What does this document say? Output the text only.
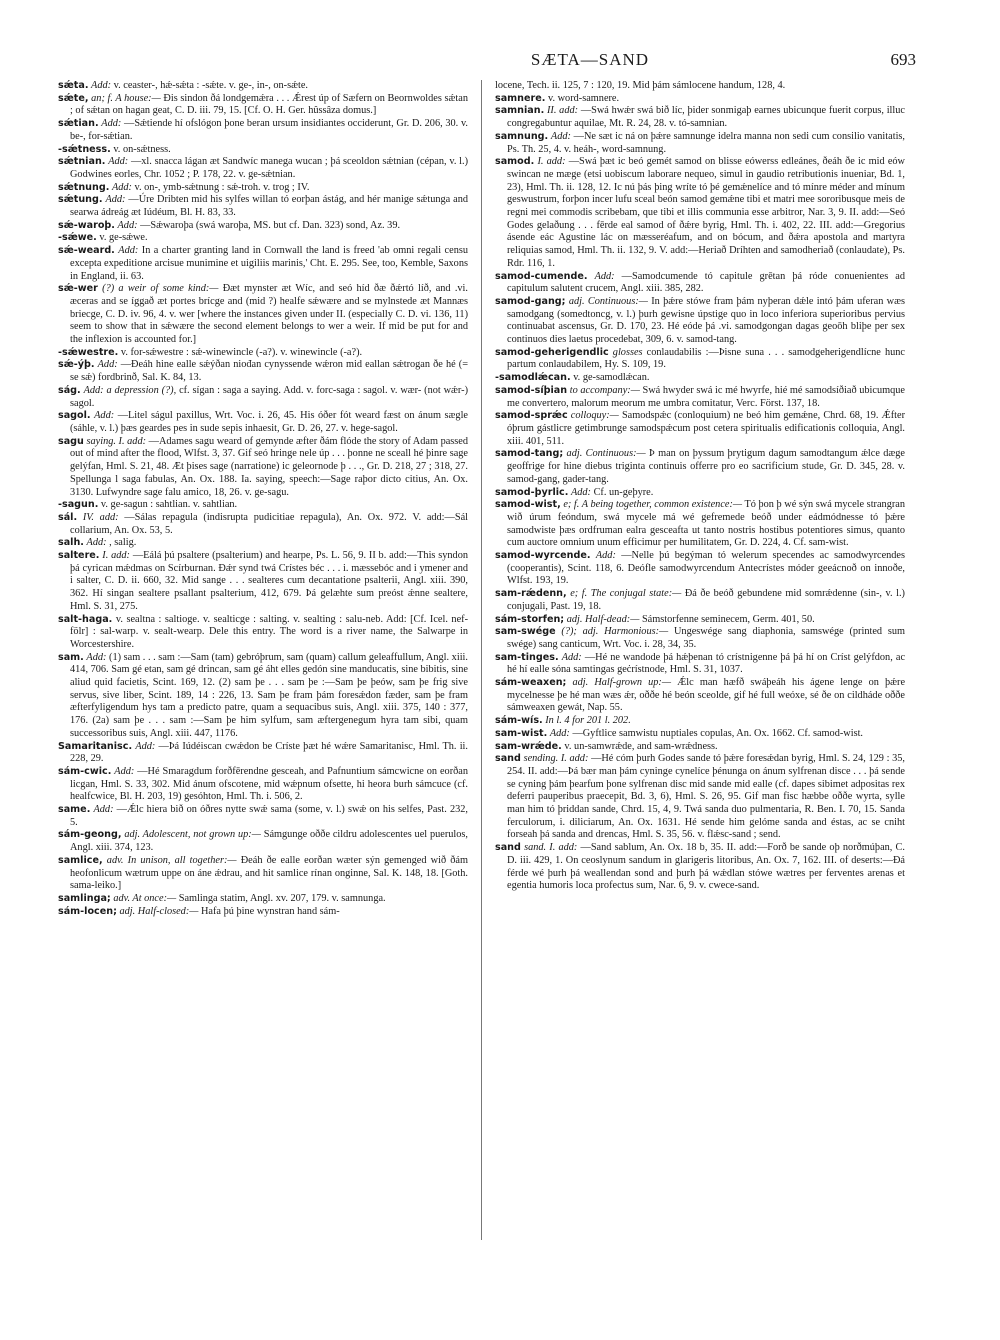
SÆTA—SAND	693

sǽta. Add: v. ceaster-, hǽ-sǽta : -sǽte. v. ge-, in-, on-sǽte.

sǽte, an; f. A house:— Ðis sindon ðá londgemǽra . . . Ǽrest úp of Sæfern on Beornwoldes sǽtan ; of sǽtan on hagan geat, C. D. iii. 79, 15. [Cf. O. H. Ger. hûssâza domus.]

sǽtian. Add: —Sǽtiende hí ofslógon þone beran ursum insidiantes occiderunt, Gr. D. 206, 30. v. be-, for-sǽtian.

-sǽtness. v. on-sǽtness.

sǽtnian. Add: —xl. snacca lágan æt Sandwíc manega wucan ; þá sceoldon sǽtnian (cépan, v. l.) Godwines eorles, Chr. 1052 ; P. 178, 22. v. ge-sǽtnian.

sǽtnung. Add: v. on-, ymb-sǽtnung : sǽ-troh. v. trog ; IV.

sǽtung. Add: —Úre Dribten mid his sylfes willan tó eorþan ástág, and hér manige sǽtunga and searwa ádreág æt Iúdéum, Bl. H. 83, 33.

sǽ-waroþ. Add: —Sǽwaroþa (swá waroþa, MS. but cf. Dan. 323) sond, Az. 39.

-sǽwe. v. ge-sǽwe.

sǽ-weard. Add: In a charter granting land in Cornwall the land is freed 'ab omni regali censu excepta expeditione arcisue munimine et uigiliis marinis,' Cht. E. 295. See, too, Kemble, Saxons in England, ii. 63.

sǽ-wer (?) a weir of some kind:— Ðæt mynster æt Wíc, and seó híd ðæ ðǽrtó líð, and .vi. æceras and se íggað æt portes brícge and (mid ?) healfe sǽwære and se mylnstede æt Mannæs briecge, C. D. iv. 96, 4. v. wer [where the instances given under II. (especially C. D. vi. 136, 11) seem to show that in sǽwære the second element belongs to wer a weir. If mid be put for and the inflexion is accounted for.]

-sǽwestre. v. for-sǽwestre : sǽ-winewincle (-a?). v. winewincle (-a?).

sǽ-ýþ. Add: —Ðeáh hine ealle sǽýðan niođan cynyssende wǽron mid eallan sǽtrogan ðe hé (= se sǽ) fordbrinð, Sal. K. 84, 13.

ság. Add: a depression (?), cf. sígan : saga a saying. Add. v. forc-saga : sagol. v. wær- (not wǽr-) sagol.

sagol. Add: —Litel ságul paxillus, Wrt. Voc. i. 26, 45. His óðer fót weard fæst on ánum sægle (sáhle, v. l.) þæs geardes pes in sude sepis inhaesit, Gr. D. 26, 27. v. hege-sagol.

sagu saying. I. add: —Adames sagu weard of gemynde æfter ðám flóde the story of Adam passed out of mind after the flood, Wlfst. 3, 37. Gif seó hringe nele úp . . . þonne ne sceall hé þinre sage gelýfan, Hml. S. 21, 48. Æt þises sage (narratione) ic geleornode þ . . ., Gr. D. 218, 27 ; 318, 27. Spellunga l saga fabulas, An. Ox. 188. Ia. saying, speech:—Sage raþor dicto citius, An. Ox. 3130. Lufwyndre sage falu amico, 18, 26. v. ge-sagu.

-sagun. v. ge-sagun : sahtlian. v. sahtlian.

sál. IV. add: —Sálas repagula (indisrupta pudicitiae repagula), An. Ox. 972. V. add:—Sál collarium, An. Ox. 53, 5.

salh. Add: , salig.

saltere. I. add: —Eálá þú psaltere (psalterium) and hearpe, Ps. L. 56, 9. II b. add:—This syndon þá cyrican mǽdmas on Scírburnan. Ðǽr synd twá Crístes béc . . . i. mæssebóc and i ymener and i salter, C. D. ii. 660, 32. Mid sange . . . sealteres cum decantatione psalterii, Angl. xiii. 390, 362. Hí singan sealtere psallant psalterium, 412, 679. Þá gelæhte sum preóst ǽnne sealtere, Hml. S. 31, 275.

salt-haga. v. sealtna : saltioge. v. sealticge : salting. v. sealting : salu-neb. Add: [Cf. Icel. nef-fölr] : sal-warp. v. sealt-wearp. Dele this entry. The word is a river name, the Salwarpe in Worcestershire.

sam. Add: (1) sam . . . sam :—Sam (tam) gebróþrum, sam (quam) callum geleaffullum, Angl. xiii. 414, 706. Sam gé etan, sam gé drincan, sam gé áht elles gedón sine manducatis, sine bibitis, sine aliud quid facietis, Scint. 169, 12. (2) sam þe . . . sam þe :—Sam þe þeów, sam þe frig sive servus, sive liber, Scint. 189, 14 : 226, 13. Sam þe fram þám foresǽdon fæder, sam þe fram æfterfyligendum hys tam a predicto patre, quam a sequacibus suis, Angl. xiii. 375, 140 : 377, 176. (2a) sam þe . . . sam :—Sam þe him sylfum, sam æftergenegum hyra tam sibi, quam successoribus suis, Angl. xiii. 447, 1176.

Samaritanisc. Add: —Þá Iúdéiscan cwǽdon be Críste þæt hé wǽre Samaritanisc, Hml. Th. ii. 228, 29.

sám-cwic. Add: —Hé Smaragdum forðfērendne gesceah, and Pafnuntium sámcwicne on eorðan licgan, Hml. S. 33, 302. Mid ánum ofscotene, mid wǽpnum ofsette, hi heora burh sámcuce (cf. healfcwice, Bl. H. 203, 19) gesóhton, Hml. Th. i. 506, 2.

same. Add: —Ǽlc hiera bið on óðres nytte swǽ sama (some, v. l.) swǽ on his selfes, Past. 232, 5.

sám-geong, adj. Adolescent, not grown up:— Sámgunge oððe cildru adolescentes uel puerulos, Angl. xiii. 374, 123.

samlice, adv. In unison, all together:— Ðeáh ðe ealle eorðan wæter sýn gemenged wið ðám heofonlicum wætrum uppe on áne ǽdrau, and hit samlice rínan onginne, Sal. K. 148, 18. [Goth. sama-leiko.]

samlinga; adv. At once:— Samlinga statim, Angl. xv. 207, 179. v. samnunga.

sám-locen; adj. Half-closed:— Hafa þú þine wynstran hand sám-

locene, Tech. ii. 125, 7 : 120, 19. Mid þám sámlocene handum, 128, 4.

samnere. v. word-samnere.

samnian. II. add: —Swá hwǽr swá bið líc, þider sonmigaþ earnes ubicunque fuerit corpus, illuc congregabuntur aquilae, Mt. R. 24, 28. v. tó-samnian.

samnung. Add: —Ne sæt ic ná on þǽre samnunge idelra manna non sedi cum consilio vanitatis, Ps. Th. 25, 4. v. heáh-, word-samnung.

samod. I. add: —Swá þæt ic beó gemét samod on blisse eówerss edleánes, ðeáh ðe ic mid eów swincan ne mæge (etsi uobiscum laborare nequeo, simul in gaudio retributionis inueniar, Bd. 1, 23), Hml. Th. ii. 128, 12. Ic nú þás þing wríte tó þé gemǽnelíce and tó mínre méder and mínum geswustrum, forþon incer lufu sceal beón samod gemǽne tibi et matri mee sororibusque meis de regni mei commodis scribebam, que tibi et illis communia esse arbitror, Nar. 3, 9. II. add:—Seó Godes gelaðung . . . fērde eal samod of ðǽre byrig, Hml. Th. i. 402, 22. III. add:—Gregorius ásende eác Agustine lác on mæsseréafum, and on bócum, and ðǽra apostola and martyra reliquias samod, Hml. Th. ii. 132, 9. V. add:—Heriað Dríhten and samodheriað (conlaudate), Ps. Rdr. 116, 1.

samod-cumende. Add: —Samodcumende tó capitule grētan þá róde conuenientes ad capitulum salutent crucem, Angl. xiii. 385, 282.

samod-gang; adj. Continuous:— In þǽre stówe fram þám nyþeran dǽle intó þám uferan wæs samodgang (somedtoncg, v. l.) þurh gewisne úpstige quo in loco inferiora superioribus pervius continuabat ascensus, Gr. D. 170, 23. Hé eóde þá .vi. samodgongan dagas geoōh bliþe per sex continuos dies laetus procedebat, 309, 6. v. samod-tang.

samod-geherigendlic glosses conlaudabilis :—Þisne suna . . . samodgeherigendlícne hunc partum conlaudabilem, Hy. S. 109, 19.

-samodlǽcan. v. ge-samodlǽcan.

samod-síþian to accompany:— Swá hwyder swá ic mé hwyrfe, hié mé samodsíðiað ubicumque me convertero, malorum meorum me umbra comitatur, Verc. Först. 137, 18.

samod-sprǽc colloquy:— Samodspǽc (conloquium) ne beó him gemǽne, Chrd. 68, 19. Ǽfter óþrum gástlicre getimbrunge samodspǽcum post cetera spiritualis edificationis colloquia, Angl. xiii. 401, 511.

samod-tang; adj. Continuous:— Þ man on þyssum þrytigum dagum samodtangum ǽlce dæge geoffrige for hine diebus triginta continuis offerre pro eo sacrificium stude, Gr. D. 345, 28. v. samod-gang, gader-tang.

samod-þyrlic. Add: Cf. un-geþyre.

samod-wist, e; f. A being together, common existence:— Tó þon þ wé sýn swá mycele strangran wið úrum feóndum, swá mycele má wé gefremede beóð under eádmódnesse tó þǽre samodwiste þæs ordfruman ealra gesceafta ut tanto nostris hostibus potentiores simus, quanto cum auctore omnium unum efficimur per humilitatem, Gr. D. 224, 4. Cf. sam-wist.

samod-wyrcende. Add: —Nelle þú begýman tó welerum specendes ac samodwyrcendes (cooperantis), Scint. 118, 6. Deófle samodwyrcendum Antecrístes móder geeácnoð on innoðe, Wlfst. 193, 19.

sam-rǽdenn, e; f. The conjugal state:— Ðá ðe beóð gebundene mid somrǽdenne (sin-, v. l.) conjugali, Past. 19, 18.

sám-storfen; adj. Half-dead:— Sámstorfenne seminecem, Germ. 401, 50.

sam-swége (?); adj. Harmonious:— Ungeswége sang diaphonia, samswége (printed sum swége) sang canticum, Wrt. Voc. i. 28, 34, 35.

sam-tinges. Add: —Hé ne wandode þá hǽþenan tó crístnigenne þá þá hí on Críst gelýfdon, ac hé hí ealle sóna samtingas geċrístnode, Hml. S. 31, 1037.

sám-weaxen; adj. Half-grown up:— Ǽlc man hæfð swáþeáh his ágene lenge on þǽre mycelnesse þe hé man wæs ǽr, oððe hé beón sceolde, gif hé full weóxe, sé ðe on cildháde oððe sámweaxen gewát, Nap. 55.

sám-wís. In l. 4 for 201 l. 202.

sam-wist. Add: —Gyftlice samwistu nuptiales copulas, An. Ox. 1662. Cf. samod-wist.

sam-wrǽde. v. un-samwrǽde, and sam-wrǽdness.

sand sending. I. add: —Hé cóm þurh Godes sande tó þǽre foresǽdan byrig, Hml. S. 24, 129 : 35, 254. II. add:—Þá bær man þám cyninge cynelíce þénunga on ánum sylfrenan disce . . . þá sende se cyning þám þearfum þone sylfrenan disc mid sande mid ealle (cf. dapes sibimet adpositas rex deferri pauperibus praecepit, Bd. 3, 6), Hml. S. 26, 95. Gif man fisc hæbbe oððe wyrta, sylle man him tó þriddan sande, Chrd. 15, 4, 9. Twá sanda duo pulmentaria, R. Ben. I. 70, 15. Sanda ferculorum, i. diliciarum, An. Ox. 1631. Hé sende him gelóme sanda and éstas, ac se cniht forseah þá sanda and drencas, Hml. S. 35, 56. v. flǽsc-sand ; send.

sand sand. I. add: —Sand sablum, An. Ox. 18 b, 35. II. add:—Forð be sande oþ norðmúþan, C. D. iii. 429, 1. On ceoslynum sandum in glarigeris litoribus, An. Ox. 7, 162. III. of deserts:—Ðá férde wé þurh þá weallendan sond and þurh þá wǽdlan stówe wætres per ferventes arenas et egentia humoris loca profectus sum, Nar. 6, 9. v. cwece-sand.
